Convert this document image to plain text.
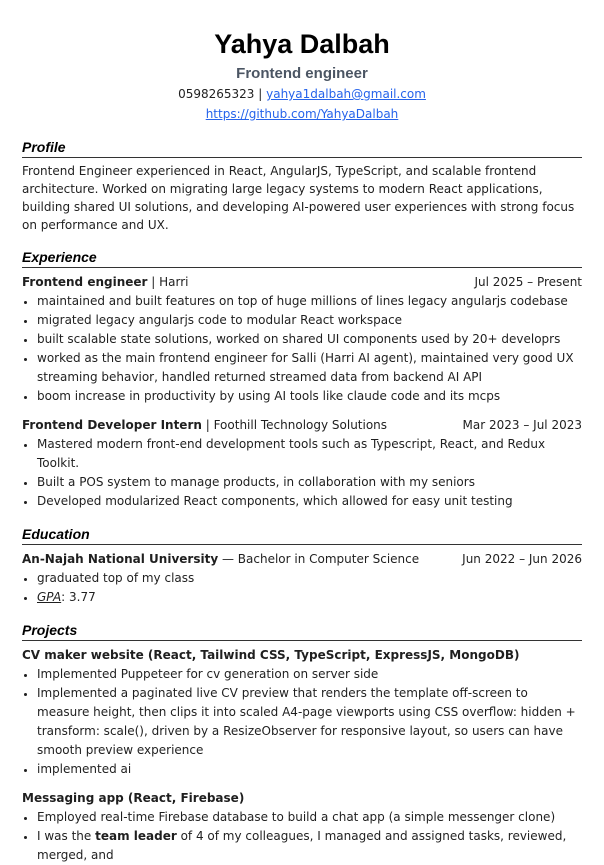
Yahya Dalbah
Frontend engineer
0598265323 | yahya1dalbah@gmail.com
https://github.com/YahyaDalbah
Profile
Frontend Engineer experienced in React, AngularJS, TypeScript, and scalable frontend architecture. Worked on migrating large legacy systems to modern React applications, building shared UI solutions, and developing AI-powered user experiences with strong focus on performance and UX.
Experience
Frontend engineer | Harri	Jul 2025 – Present
• maintained and built features on top of huge millions of lines legacy angularjs codebase
• migrated legacy angularjs code to modular React workspace
• built scalable state solutions, worked on shared UI components used by 20+ developrs
• worked as the main frontend engineer for Salli (Harri AI agent), maintained very good UX streaming behavior, handled returned streamed data from backend AI API
• boom increase in productivity by using AI tools like claude code and its mcps
Frontend Developer Intern | Foothill Technology Solutions	Mar 2023 – Jul 2023
• Mastered modern front-end development tools such as Typescript, React, and Redux Toolkit.
• Built a POS system to manage products, in collaboration with my seniors
• Developed modularized React components, which allowed for easy unit testing
Education
An-Najah National University — Bachelor in Computer Science	Jun 2022 – Jun 2026
• graduated top of my class
• GPA: 3.77
Projects
CV maker website (React, Tailwind CSS, TypeScript, ExpressJS, MongoDB)
• Implemented Puppeteer for cv generation on server side
• Implemented a paginated live CV preview that renders the template off-screen to measure height, then clips it into scaled A4-page viewports using CSS overflow: hidden + transform: scale(), driven by a ResizeObserver for responsive layout, so users can have smooth preview experience
• implemented ai
Messaging app (React, Firebase)
• Employed real-time Firebase database to build a chat app (a simple messenger clone)
• I was the team leader of 4 of my colleagues, I managed and assigned tasks, reviewed, merged, and
